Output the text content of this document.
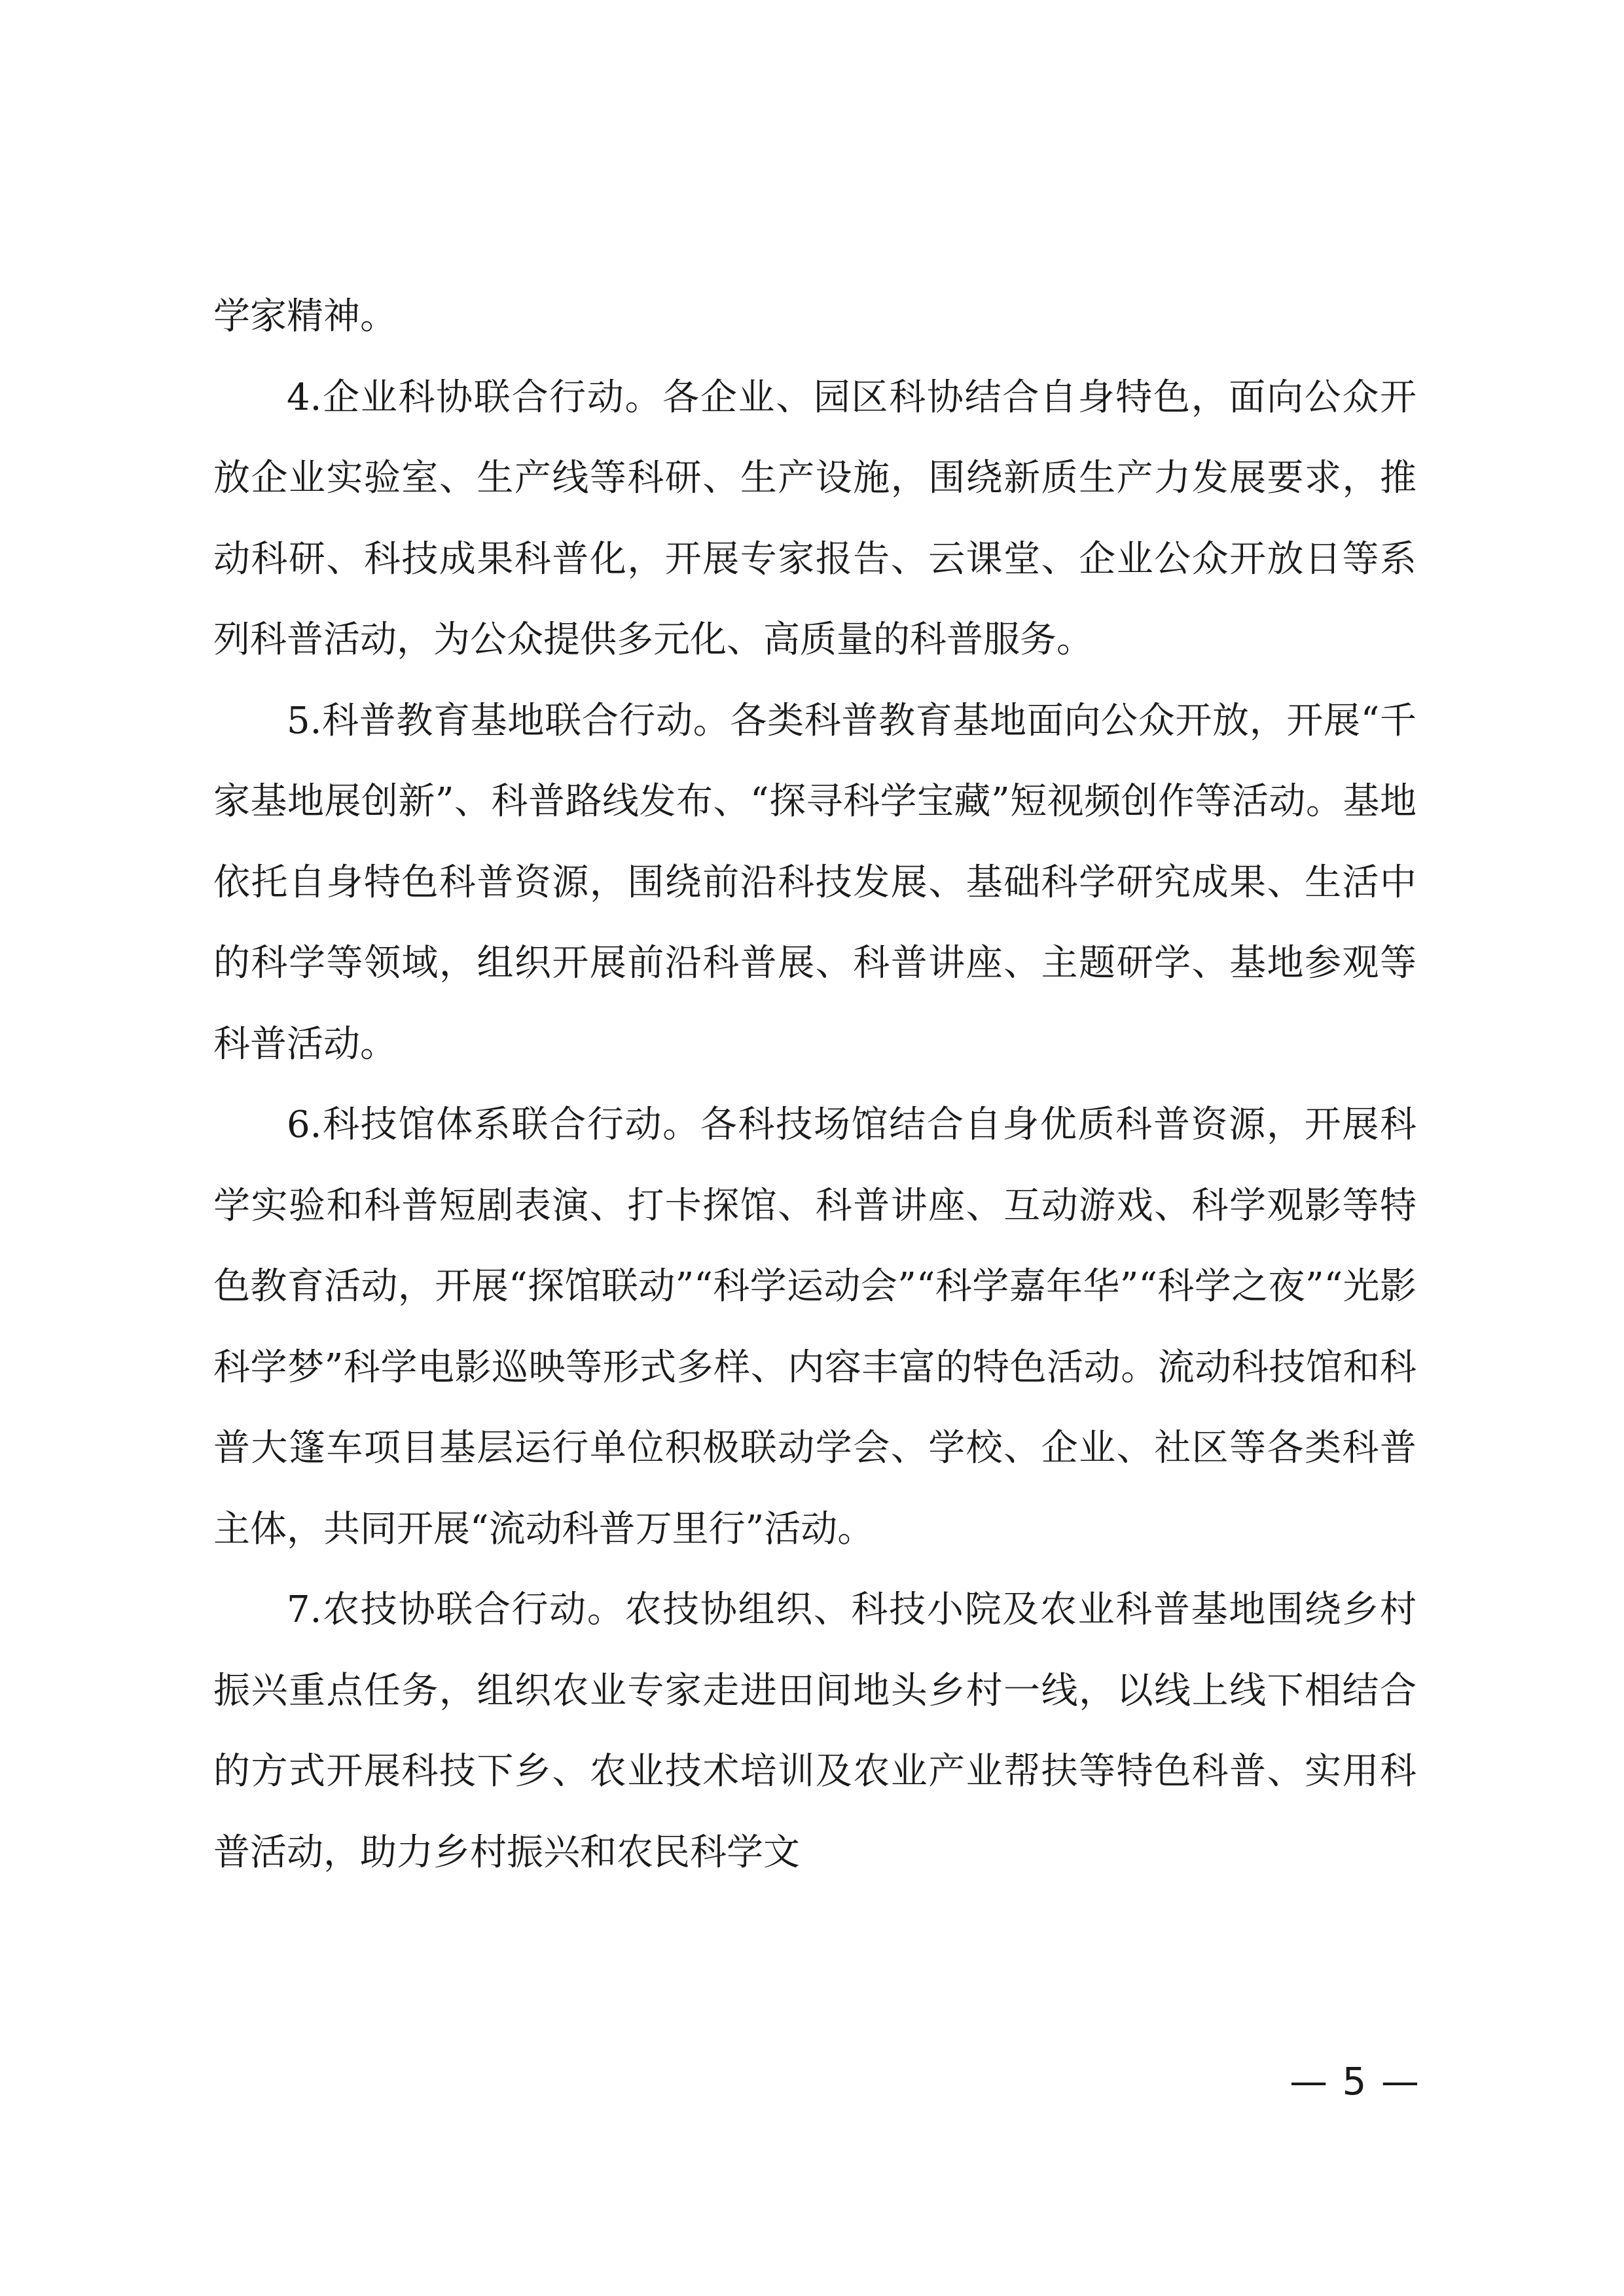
学家精神。

4.企业科协联合行动。各企业、园区科协结合自身特色，面向公众开放企业实验室、生产线等科研、生产设施，围绕新质生产力发展要求，推动科研、科技成果科普化，开展专家报告、云课堂、企业公众开放日等系列科普活动，为公众提供多元化、高质量的科普服务。

5.科普教育基地联合行动。各类科普教育基地面向公众开放，开展“千家基地展创新”、科普路线发布、“探寻科学宝藏”短视频创作等活动。基地依托自身特色科普资源，围绕前沿科技发展、基础科学研究成果、生活中的科学等领域，组织开展前沿科普展、科普讲座、主题研学、基地参观等科普活动。

6.科技馆体系联合行动。各科技场馆结合自身优质科普资源，开展科学实验和科普短剧表演、打卡探馆、科普讲座、互动游戏、科学观影等特色教育活动，开展“探馆联动”“科学运动会”“科学嘉年华”“科学之夜”“光影科学梦”科学电影巡映等形式多样、内容丰富的特色活动。流动科技馆和科普大篷车项目基层运行单位积极联动学会、学校、企业、社区等各类科普主体，共同开展“流动科普万里行”活动。

7.农技协联合行动。农技协组织、科技小院及农业科普基地围绕乡村振兴重点任务，组织农业专家走进田间地头乡村一线，以线上线下相结合的方式开展科技下乡、农业技术培训及农业产业帮扶等特色科普、实用科普活动，助力乡村振兴和农民科学文

— 5 —
